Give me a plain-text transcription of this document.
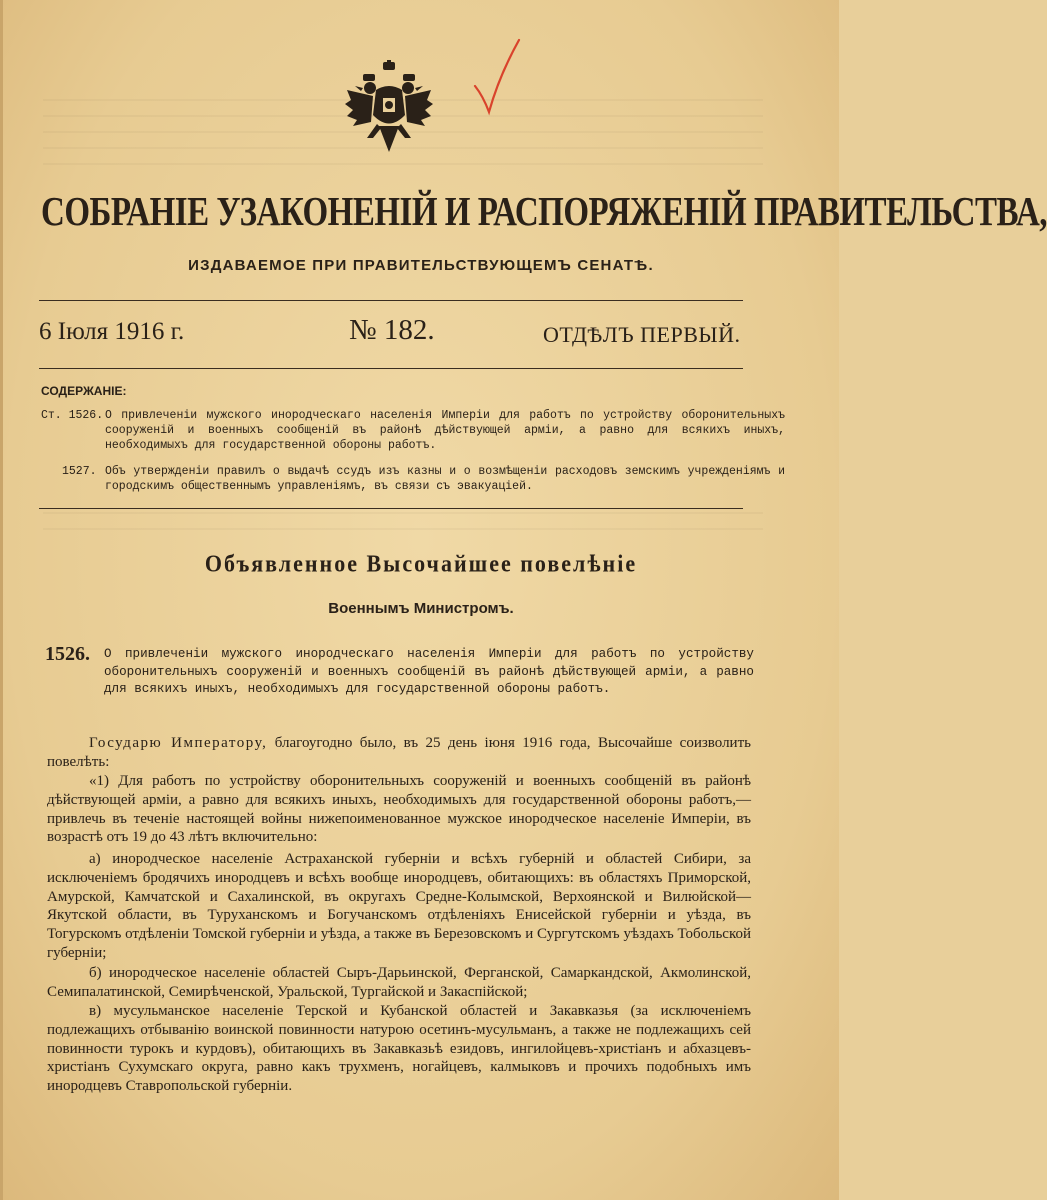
СОБРАНІЕ УЗАКОНЕНІЙ И РАСПОРЯЖЕНІЙ ПРАВИТЕЛЬСТВА,
ИЗДАВАЕМОЕ ПРИ ПРАВИТЕЛЬСТВУЮЩЕМЪ СЕНАТѢ.
6 Іюля 1916 г.	№ 182.	ОТДѢЛЪ ПЕРВЫЙ.
СОДЕРЖАНІЕ:
Ст. 1526. О привлеченіи мужского инородческаго населенія Имперіи для работъ по устройству оборонительныхъ сооруженій и военныхъ сообщеній въ районѣ дѣйствующей арміи, а равно для всякихъ иныхъ, необходимыхъ для государственной обороны работъ.
1527. Объ утвержденіи правилъ о выдачѣ ссудъ изъ казны и о возмѣщеніи расходовъ земскимъ учрежденіямъ и городскимъ общественнымъ управленіямъ, въ связи съ эвакуаціей.
Объявленное Высочайшее повелѣніе
Военнымъ Министромъ.
1526. О привлеченіи мужского инородческаго населенія Имперіи для работъ по устройству оборонительныхъ сооруженій и военныхъ сообщеній въ районѣ дѣйствующей арміи, а равно для всякихъ иныхъ, необходимыхъ для государственной обороны работъ.
Государю Императору, благоугодно было, въ 25 день іюня 1916 года, Высочайше соизволить повелѣть:
«1) Для работъ по устройству оборонительныхъ сооруженій и военныхъ сообщеній въ районѣ дѣйствующей арміи, а равно для всякихъ иныхъ, необходимыхъ для государственной обороны работъ,—привлечь въ теченіе настоящей войны нижепоименованное мужское инородческое населеніе Имперіи, въ возрастѣ отъ 19 до 43 лѣтъ включительно:
а) инородческое населеніе Астраханской губерніи и всѣхъ губерній и областей Сибири, за исключеніемъ бродячихъ инородцевъ и всѣхъ вообще инородцевъ, обитающихъ: въ областяхъ Приморской, Амурской, Камчатской и Сахалинской, въ округахъ Средне-Колымской, Верхоянской и Вилюйской—Якутской области, въ Туруханскомъ и Богучанскомъ отдѣленіяхъ Енисейской губерніи и уѣзда, въ Тогурскомъ отдѣленіи Томской губерніи и уѣзда, а также въ Березовскомъ и Сургутскомъ уѣздахъ Тобольской губерніи;
б) инородческое населеніе областей Сыръ-Дарьинской, Ферганской, Самаркандской, Акмолинской, Семипалатинской, Семирѣченской, Уральской, Тургайской и Закаспійской;
в) мусульманское населеніе Терской и Кубанской областей и Закавказья (за исключеніемъ подлежащихъ отбыванію воинской повинности натурою осетинъ-мусульманъ, а также не подлежащихъ сей повинности турокъ и курдовъ), обитающихъ въ Закавказьѣ езидовъ, ингилойцевъ-христіанъ и абхазцевъ-христіанъ Сухумскаго округа, равно какъ трухменъ, ногайцевъ, калмыковъ и прочихъ подобныхъ имъ инородцевъ Ставропольской губерніи.
